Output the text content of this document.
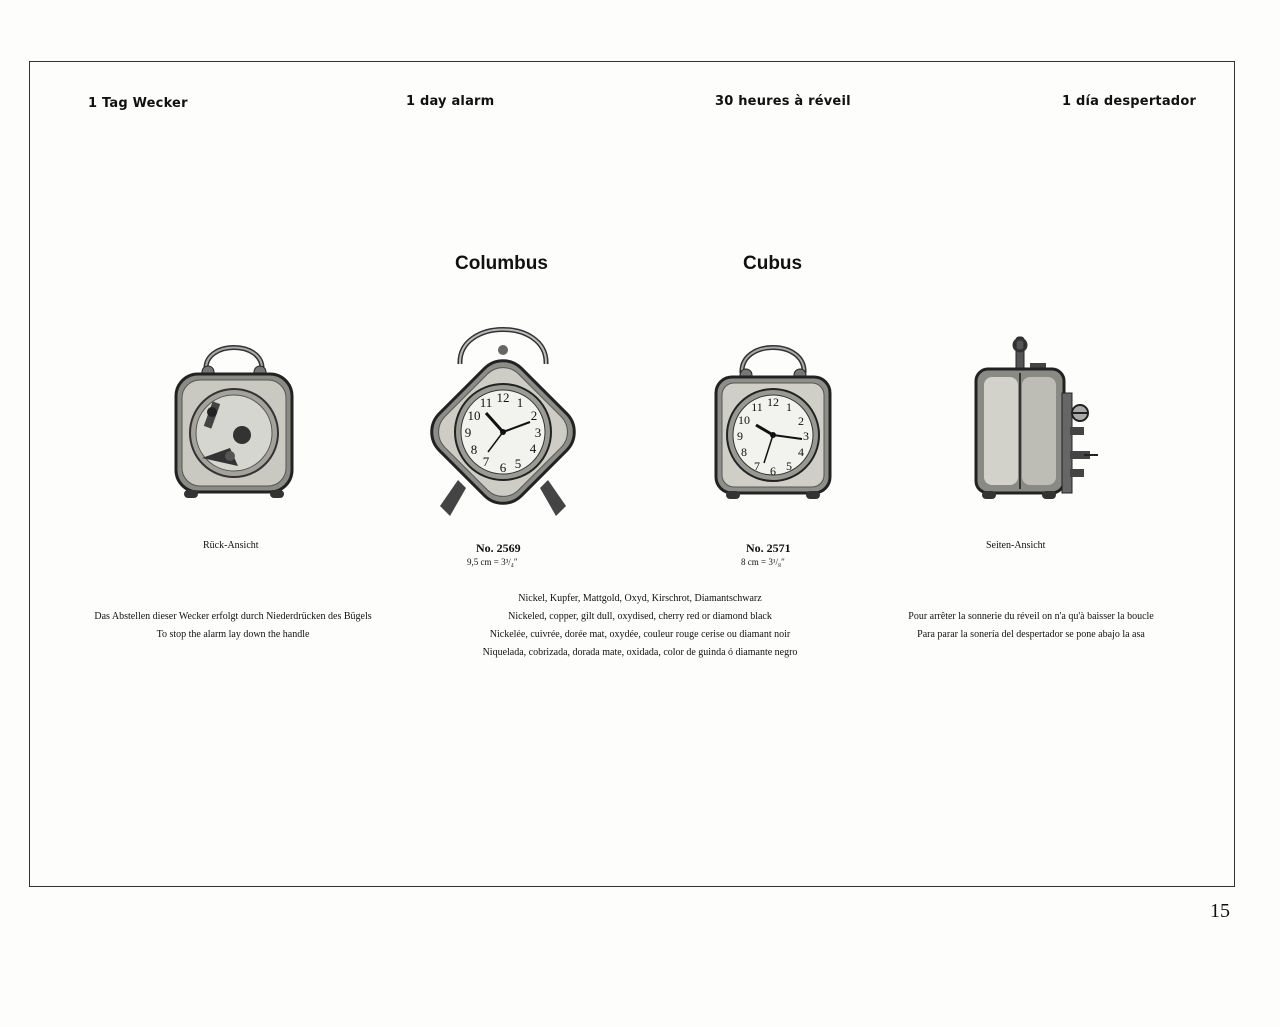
1 Tag Wecker	1 day alarm	30 heures à réveil	1 día despertador
Columbus	Cubus
12 1
2
3
4
5
6
7
8
9
10
11	12 1
2
3
4
5
6
7
8
9
10
11
Rück-Ansicht	No. 2569
9,5 cm = 3³/₄″
No. 2571
8 cm = 3¹/₈″
Seiten-Ansicht
Das Abstellen dieser Wecker erfolgt durch Niederdrücken des Bügels
To stop the alarm lay down the handle
Nickel, Kupfer, Mattgold, Oxyd, Kirschrot, Diamantschwarz
Nickeled, copper, gilt dull, oxydised, cherry red or diamond black
Nickelée, cuivrée, dorée mat, oxydée, couleur rouge cerise ou diamant noir
Niquelada, cobrizada, dorada mate, oxidada, color de guinda ó diamante negro
Pour arrêter la sonnerie du réveil on n'a qu'à baisser la boucle
Para parar la sonería del despertador se pone abajo la asa
15
